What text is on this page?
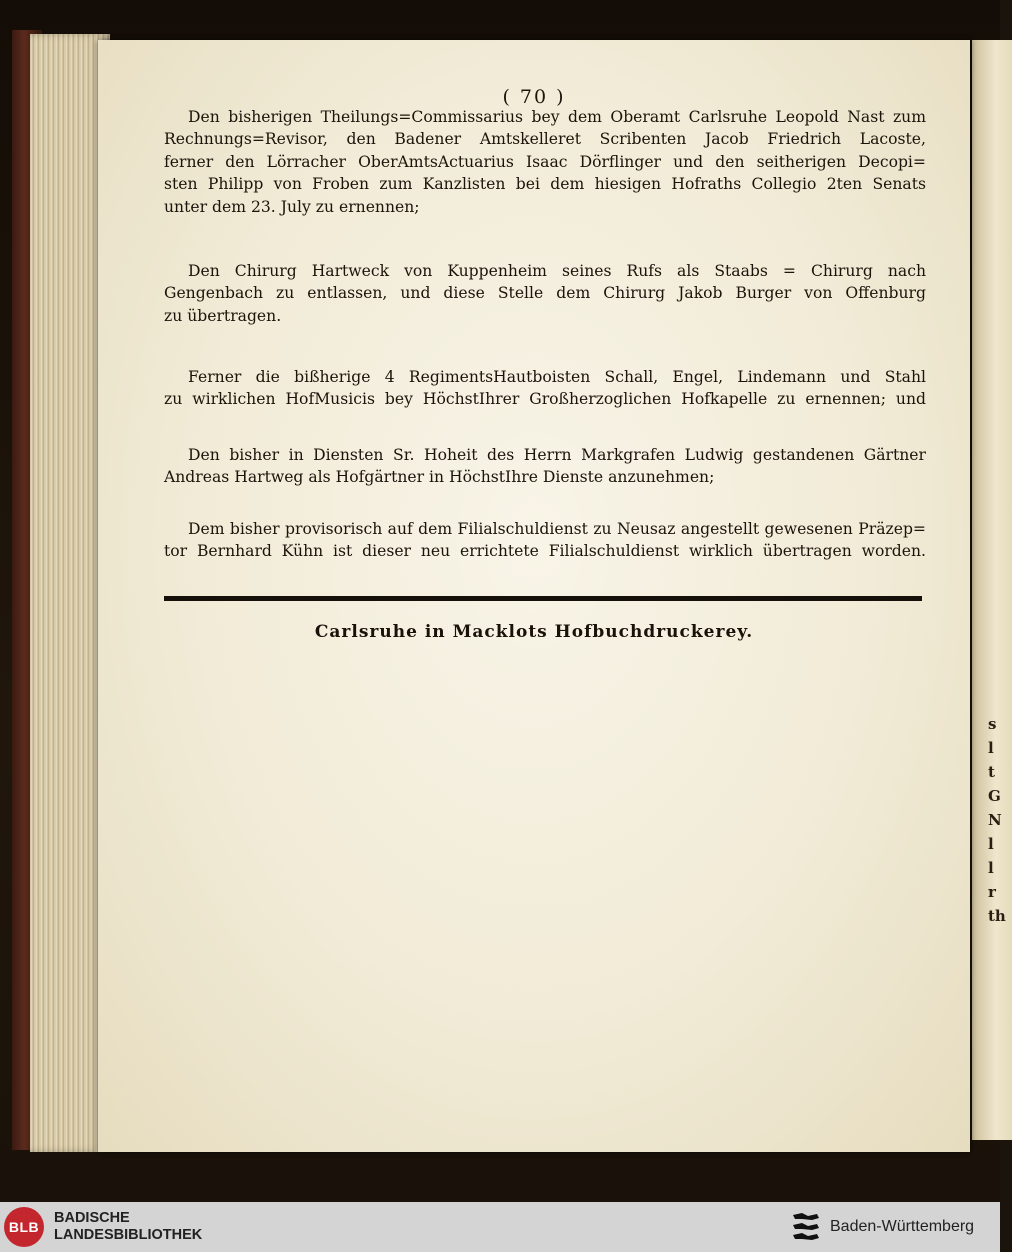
s
l
t
G
N
l
l
r
th
( 70 )
Den bisherigen Theilungs=Commissarius bey dem Oberamt Carlsruhe Leopold Nast zum
Rechnungs=Revisor, den Badener Amtskelleret Scribenten Jacob Friedrich Lacoste,
ferner den Lörracher OberAmtsActuarius Isaac Dörflinger und den seitherigen Decopi=
sten Philipp von Froben zum Kanzlisten bei dem hiesigen Hofraths Collegio 2ten Senats
unter dem 23. July zu ernennen;
Den Chirurg Hartweck von Kuppenheim seines Rufs als Staabs = Chirurg nach
Gengenbach zu entlassen, und diese Stelle dem Chirurg Jakob Burger von Offenburg
zu übertragen.
Ferner die bißherige 4 RegimentsHautboisten Schall, Engel, Lindemann und Stahl
zu wirklichen HofMusicis bey HöchstIhrer Großherzoglichen Hofkapelle zu ernennen; und
Den bisher in Diensten Sr. Hoheit des Herrn Markgrafen Ludwig gestandenen Gärtner
Andreas Hartweg als Hofgärtner in HöchstIhre Dienste anzunehmen;
Dem bisher provisorisch auf dem Filialschuldienst zu Neusaz angestellt gewesenen Präzep=
tor Bernhard Kühn ist dieser neu errichtete Filialschuldienst wirklich übertragen worden.
Carlsruhe in Macklots Hofbuchdruckerey.
BLB
BADISCHE
LANDESBIBLIOTHEK	Baden-Württemberg
